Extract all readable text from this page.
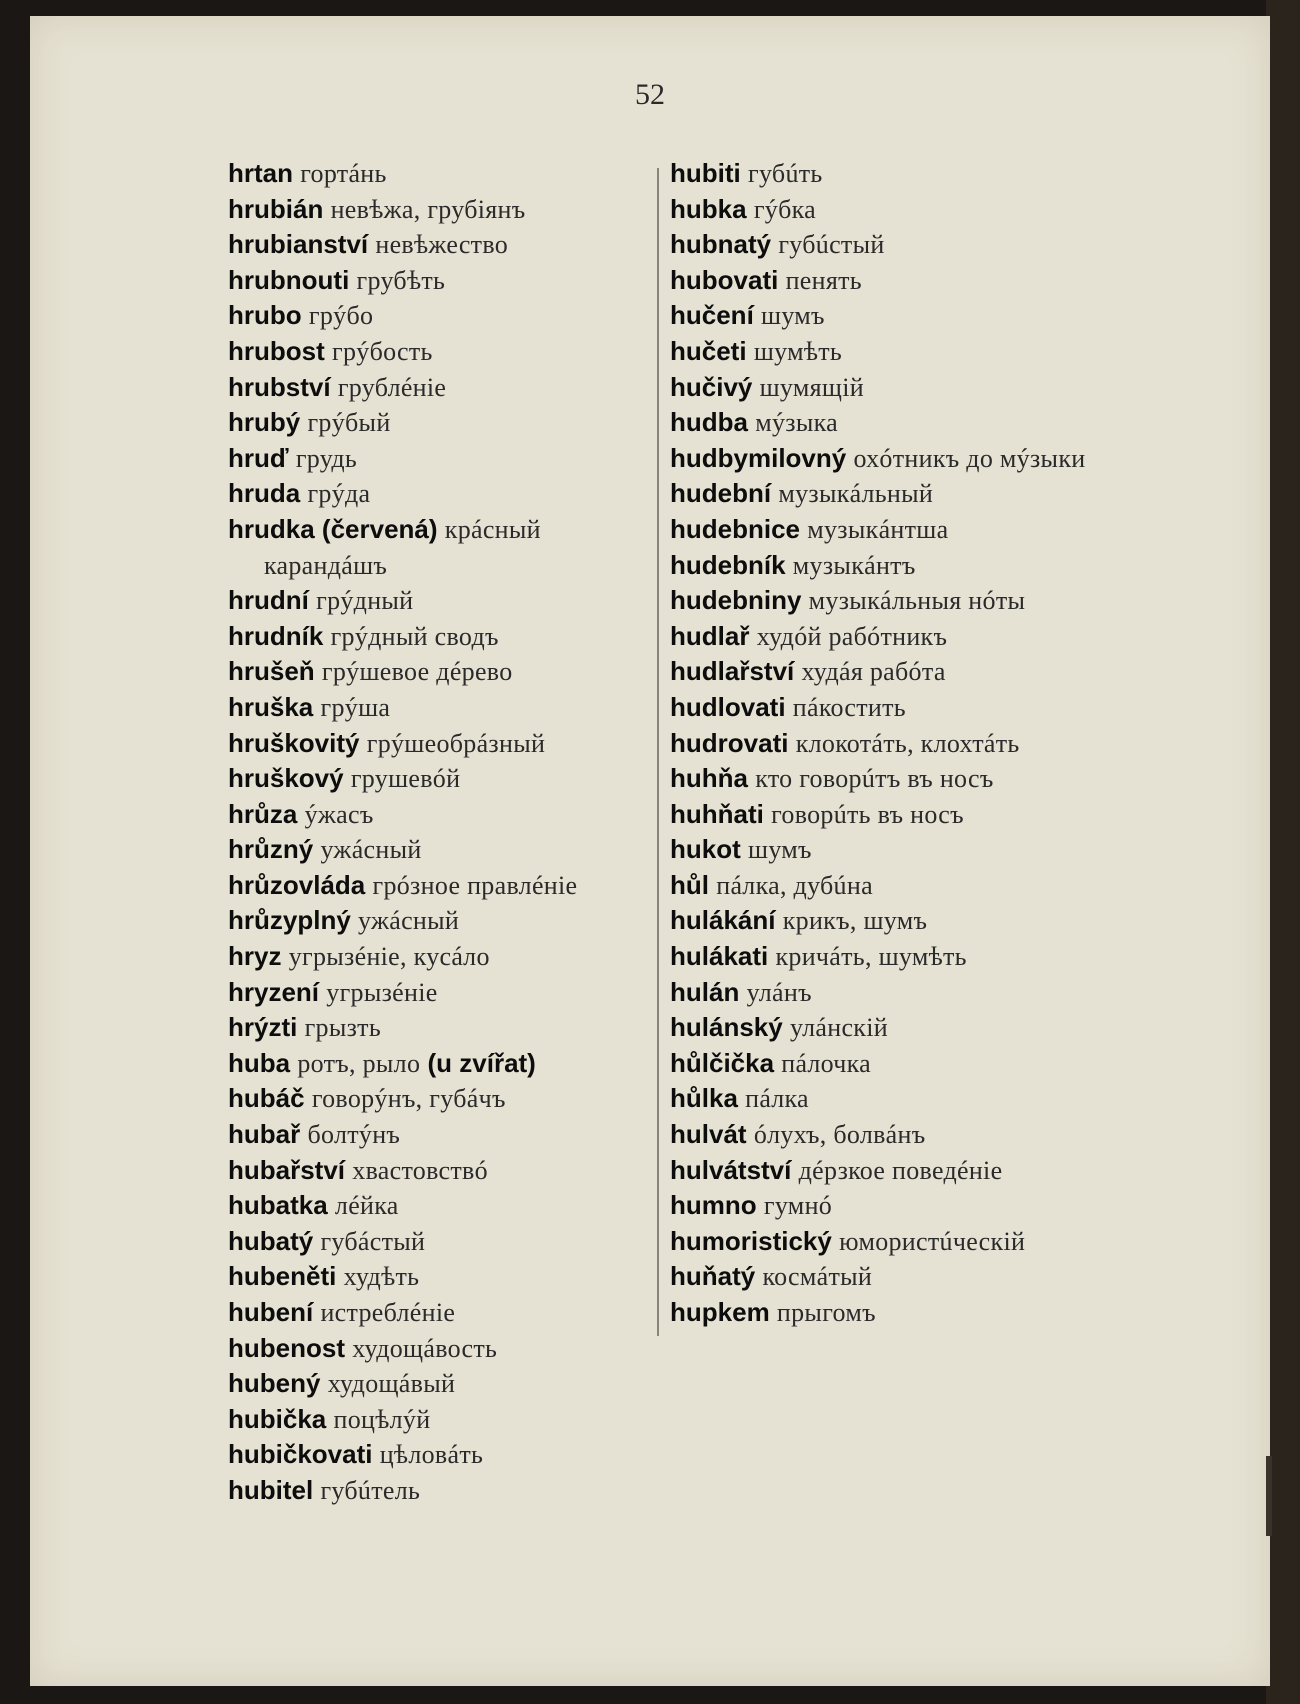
52
hrtan гортáнь
hrubián невѣжа, грубіянъ
hrubianství невѣжество
hrubnouti грубѣть
hrubo грýбо
hrubost грýбость
hrubství грублéніе
hrubý грýбый
hruď грудь
hruda грýда
hrudka (červená) крáсный карандáшъ
hrudní грýдный
hrudník грýдный сводъ
hrušeň грýшевое дéрево
hruška грýша
hruškovitý грýшеобрáзный
hruškový грушевóй
hrůza ýжасъ
hrůzný ужáсный
hrůzovláda грóзное правлéніе
hrůzyplný ужáсный
hryz угрызéніе, кусáло
hryzení угрызéніе
hrýzti грызть
huba ротъ, рыло (u zvířat)
hubáč говорýнъ, губáчъ
hubař болтýнъ
hubařství хвастовствó
hubatka лéйка
hubatý губáстый
hubeněti худѣть
hubení истреблéніе
hubenost худощáвость
hubený худощáвый
hubička поцѣлýй
hubičkovati цѣловáть
hubitel губúтель
hubiti губúть
hubka гýбка
hubnatý губúстый
hubovati пенять
hučení шумъ
hučeti шумѣть
hučivý шумящій
hudba мýзыка
hudbymilovný охóтникъ до мýзыки
hudební музыкáльный
hudebnice музыкáнтша
hudebník музыкáнтъ
hudebniny музыкáльныя нóты
hudlař худóй рабóтникъ
hudlařství худáя рабóта
hudlovati пáкостить
hudrovati клокотáть, клохтáть
huhňa кто говорúтъ въ носъ
huhňati говорúть въ носъ
hukot шумъ
hůl пáлка, дубúна
hulákání крикъ, шумъ
hulákati кричáть, шумѣть
hulán улáнъ
hulánský улáнскій
hůlčička пáлочка
hůlka пáлка
hulvát óлухъ, болвáнъ
hulvátství дéрзкое поведéніе
humno гумнó
humoristický юмористúческій
huňatý космáтый
hupkem прыгомъ
